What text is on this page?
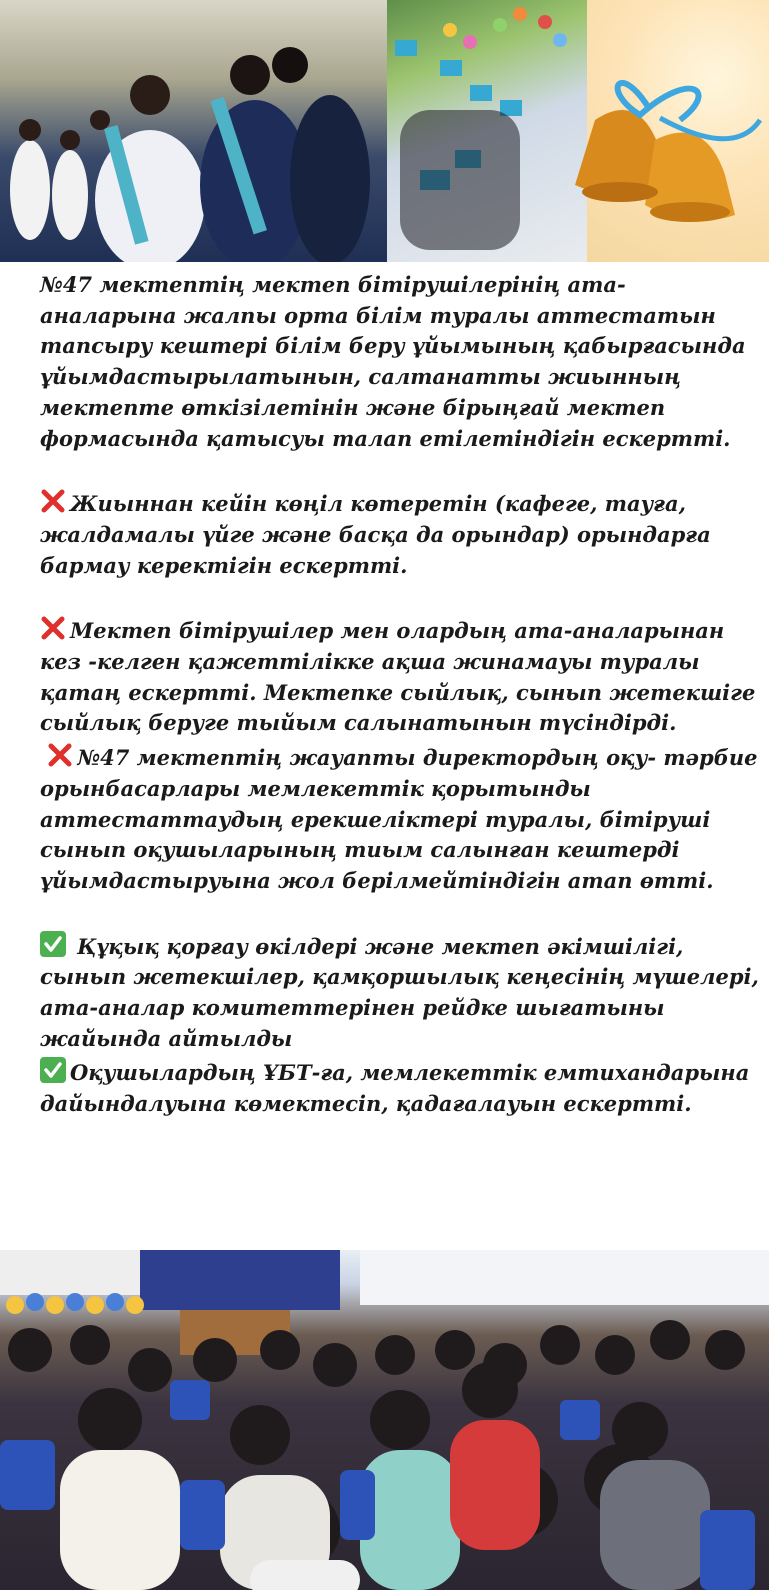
№47 мектептің мектеп бітірушілерінің ата-аналарына жалпы орта білім туралы аттестатын тапсыру кештері білім беру ұйымының қабырғасында ұйымдастырылатынын, салтанатты жиынның мектепте өткізілетінін және бірыңғай мектеп формасында қатысуы талап етілетіндігін ескертті.

Жиыннан кейін көңіл көтеретін (кафеге, тауға, жалдамалы үйге және басқа да орындар) орындарға бармау керектігін ескертті.

Мектеп бітірушілер мен олардың ата-аналарынан кез -келген қажеттілікке ақша жинамауы туралы қатаң ескертті. Мектепке сыйлық, сынып жетекшіге сыйлық беруге тыйым салынатынын түсіндірді.

№47 мектептің жауапты директордың оқу- тәрбие орынбасарлары мемлекеттік қорытынды аттестаттаудың ерекшеліктері туралы, бітіруші сынып оқушыларының тиым салынған кештерді ұйымдастыруына жол берілмейтіндігін атап өтті.

Құқық қорғау өкілдері және мектеп әкімшілігі, сынып жетекшілер, қамқоршылық кеңесінің мүшелері, ата-аналар комитеттерінен рейдке шығатыны жайында айтылды

Оқушылардың ҰБТ-ға, мемлекеттік емтихандарына дайындалуына көмектесіп, қадағалауын ескертті.
